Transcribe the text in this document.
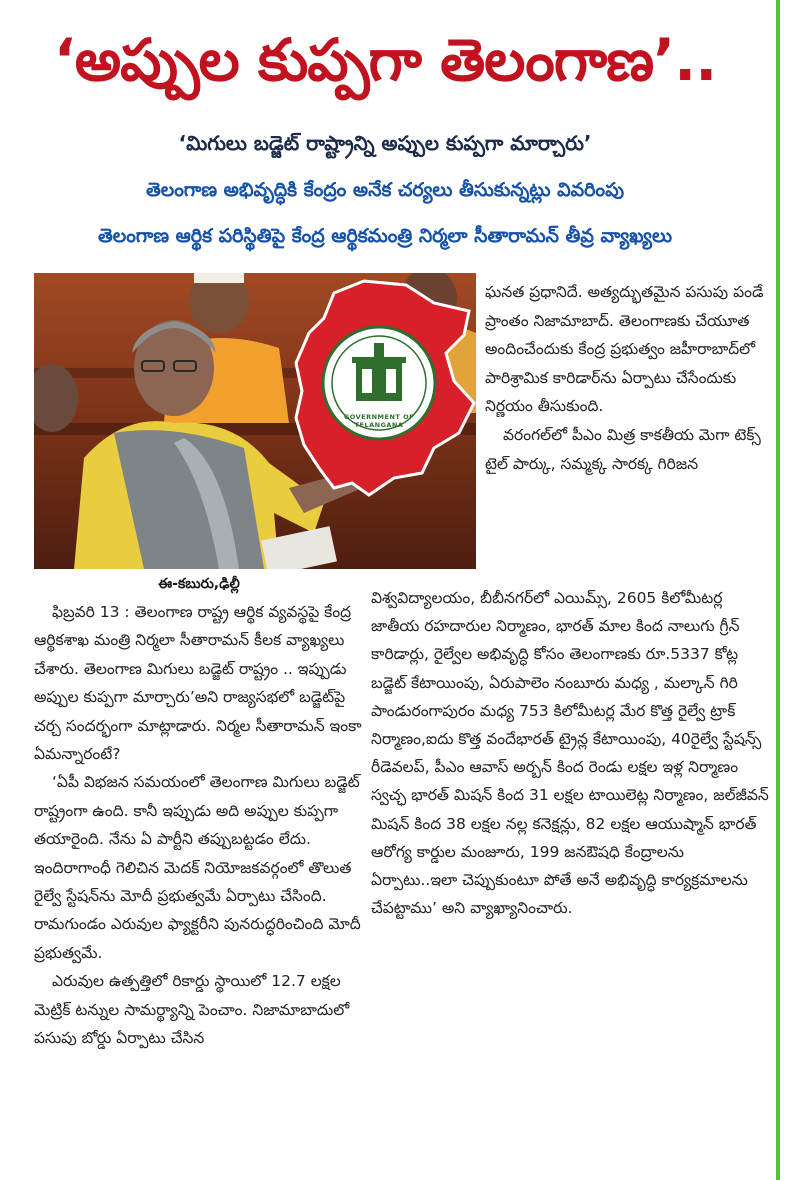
‘అప్పుల కుప్పగా తెలంగాణ’..
‘మిగులు బడ్జెట్ రాష్ట్రాన్ని అప్పుల కుప్పగా మార్చారు’
తెలంగాణ అభివృద్ధికి కేంద్రం అనేక చర్యలు తీసుకున్నట్లు వివరింపు
తెలంగాణ ఆర్థిక పరిస్థితిపై కేంద్ర ఆర్థికమంత్రి నిర్మలా సీతారామన్ తీవ్ర వ్యాఖ్యలు
GOVERNMENT OF TELANGANA

ఘనత ప్రధానిదే. అత్యద్భుతమైన పసుపు పండే ప్రాంతం నిజామాబాద్. తెలంగాణకు చేయూత అందించేందుకు కేంద్ర ప్రభుత్వం జహీరాబాద్‌లో పారిశ్రామిక కారిడార్‌ను ఏర్పాటు చేసేందుకు నిర్ణయం తీసుకుంది.

వరంగల్‌లో పీఎం మిత్ర కాకతీయ మెగా టెక్స్ టైల్ పార్కు, సమ్మక్క సారక్క గిరిజన

ఈ-కబురు,ఢిల్లీ

ఫిబ్రవరి 13 : తెలంగాణ రాష్ట్ర ఆర్థిక వ్యవస్థపై కేంద్ర ఆర్థికశాఖ మంత్రి నిర్మలా సీతారామన్ కీలక వ్యాఖ్యలు చేశారు. తెలంగాణ మిగులు బడ్జెట్ రాష్ట్రం .. ఇప్పుడు అప్పుల కుప్పగా మార్చారు’అని రాజ్యసభలో బడ్జెట్‌పై చర్చ సందర్భంగా మాట్లాడారు. నిర్మల సీతారామన్ ఇంకా ఏమన్నారంటే?

‘ఏపీ విభజన సమయంలో తెలంగాణ మిగులు బడ్జెట్ రాష్ట్రంగా ఉంది. కానీ ఇప్పుడు అది అప్పుల కుప్పగా తయారైంది. నేను ఏ పార్టీని తప్పుబట్టడం లేదు. ఇందిరాగాంధీ గెలిచిన మెదక్ నియోజకవర్గంలో తొలుత రైల్వే స్టేషన్‌ను మోదీ ప్రభుత్వమే ఏర్పాటు చేసింది. రామగుండం ఎరువుల ఫ్యాక్టరీని పునరుద్ధరించింది మోదీ ప్రభుత్వమే.

ఎరువుల ఉత్పత్తిలో రికార్డు స్థాయిలో 12.7 లక్షల మెట్రిక్ టన్నుల సామర్థ్యాన్ని పెంచాం. నిజామాబాదులో పసుపు బోర్డు ఏర్పాటు చేసిన

విశ్వవిద్యాలయం, బీబీనగర్‌లో ఎయిమ్స్, 2605 కిలోమీటర్ల జాతీయ రహదారుల నిర్మాణం, భారత్ మాల కింద నాలుగు గ్రీన్ కారిడార్లు, రైల్వేల అభివృద్ధి కోసం తెలంగాణకు రూ.5337 కోట్ల బడ్జెట్ కేటాయింపు, ఏరుపాలెం నంబూరు మధ్య , మల్కాన్ గిరి పాండురంగాపురం మధ్య 753 కిలోమీటర్ల మేర కొత్త రైల్వే ట్రాక్ నిర్మాణం,ఐదు కొత్త వందేభారత్ ట్రైన్ల కేటాయింపు, 40రైల్వే స్టేషన్స్ రీడెవలప్, పీఎం ఆవాస్ అర్బన్ కింద రెండు లక్షల ఇళ్ల నిర్మాణం స్వచ్ఛ భారత్ మిషన్ కింద 31 లక్షల టాయిలెట్ల నిర్మాణం, జల్‌జీవన్ మిషన్ కింద 38 లక్షల నల్ల కనెక్షన్లు, 82 లక్షల ఆయుష్మాన్ భారత్ ఆరోగ్య కార్డుల మంజూరు, 199 జనఔషధి కేంద్రాలను ఏర్పాటు..ఇలా చెప్పుకుంటూ పోతే అనే అభివృద్ధి కార్యక్రమాలను చేపట్టాము’ అని వ్యాఖ్యానించారు.
